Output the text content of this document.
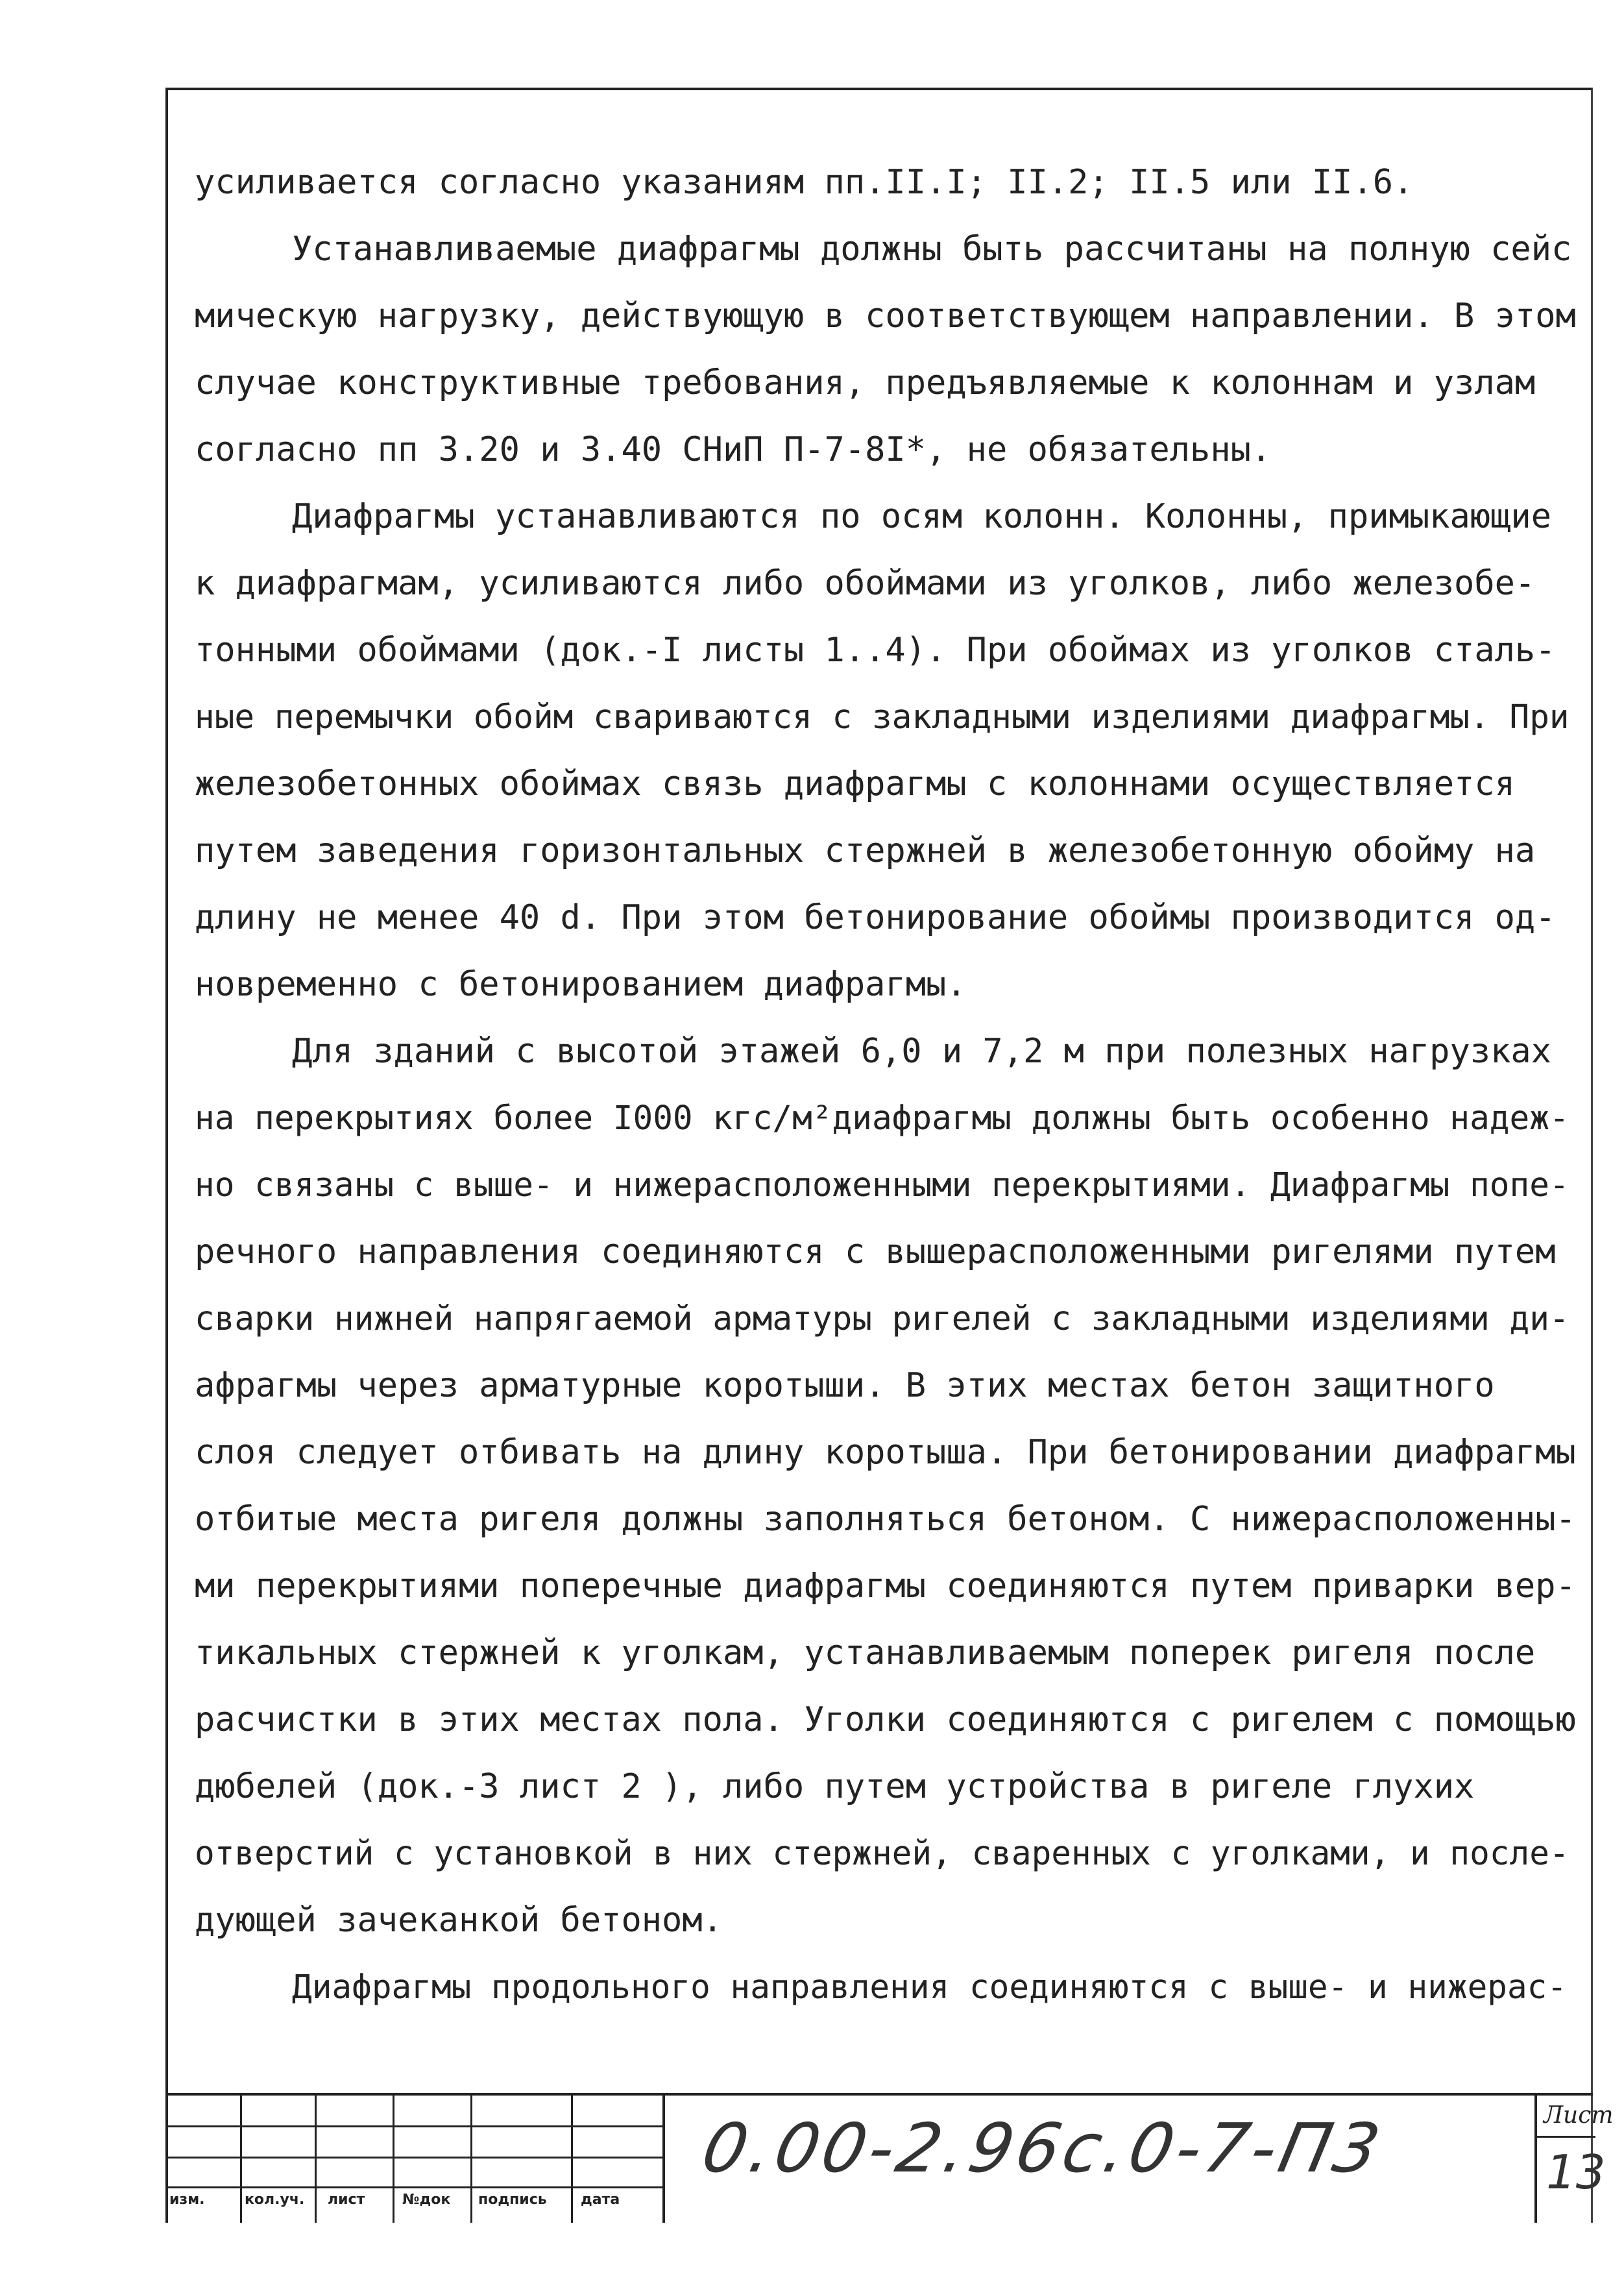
усиливается согласно указаниям пп.II.I; II.2; II.5 или II.6.
Устанавливаемые диафрагмы должны быть рассчитаны на полную сейс
мическую нагрузку, действующую в соответствующем направлении. В этом
случае конструктивные требования, предъявляемые к колоннам и узлам
согласно пп 3.20 и 3.40 СНиП П-7-8I*, не обязательны.
Диафрагмы устанавливаются по осям колонн. Колонны, примыкающие
к диафрагмам, усиливаются либо обоймами из уголков, либо железобе-
тонными обоймами (док.-I листы 1..4). При обоймах из уголков сталь-
ные перемычки обойм свариваются с закладными изделиями диафрагмы. При
железобетонных обоймах связь диафрагмы с колоннами осуществляется
путем заведения горизонтальных стержней в железобетонную обойму на
длину не менее 40 d. При этом бетонирование обоймы производится од-
новременно с бетонированием диафрагмы.
Для зданий с высотой этажей 6,0 и 7,2 м при полезных нагрузках
на перекрытиях более I000 кгс/м²диафрагмы должны быть особенно надеж-
но связаны с выше- и нижерасположенными перекрытиями. Диафрагмы попе-
речного направления соединяются с вышерасположенными ригелями путем
сварки нижней напрягаемой арматуры ригелей с закладными изделиями ди-
афрагмы через арматурные коротыши. В этих местах бетон защитного
слоя следует отбивать на длину коротыша. При бетонировании диафрагмы
отбитые места ригеля должны заполняться бетоном. С нижерасположенны-
ми перекрытиями поперечные диафрагмы соединяются путем приварки вер-
тикальных стержней к уголкам, устанавливаемым поперек ригеля после
расчистки в этих местах пола. Уголки соединяются с ригелем с помощью
дюбелей (док.-3 лист 2 ), либо путем устройства в ригеле глухих
отверстий с установкой в них стержней, сваренных с уголками, и после-
дующей зачеканкой бетоном.
Диафрагмы продольного направления соединяются с выше- и нижерас-
изм.	кол.уч. лист	№док подпись дата
0.00-2.96с.0-7-П3	Лист
13
